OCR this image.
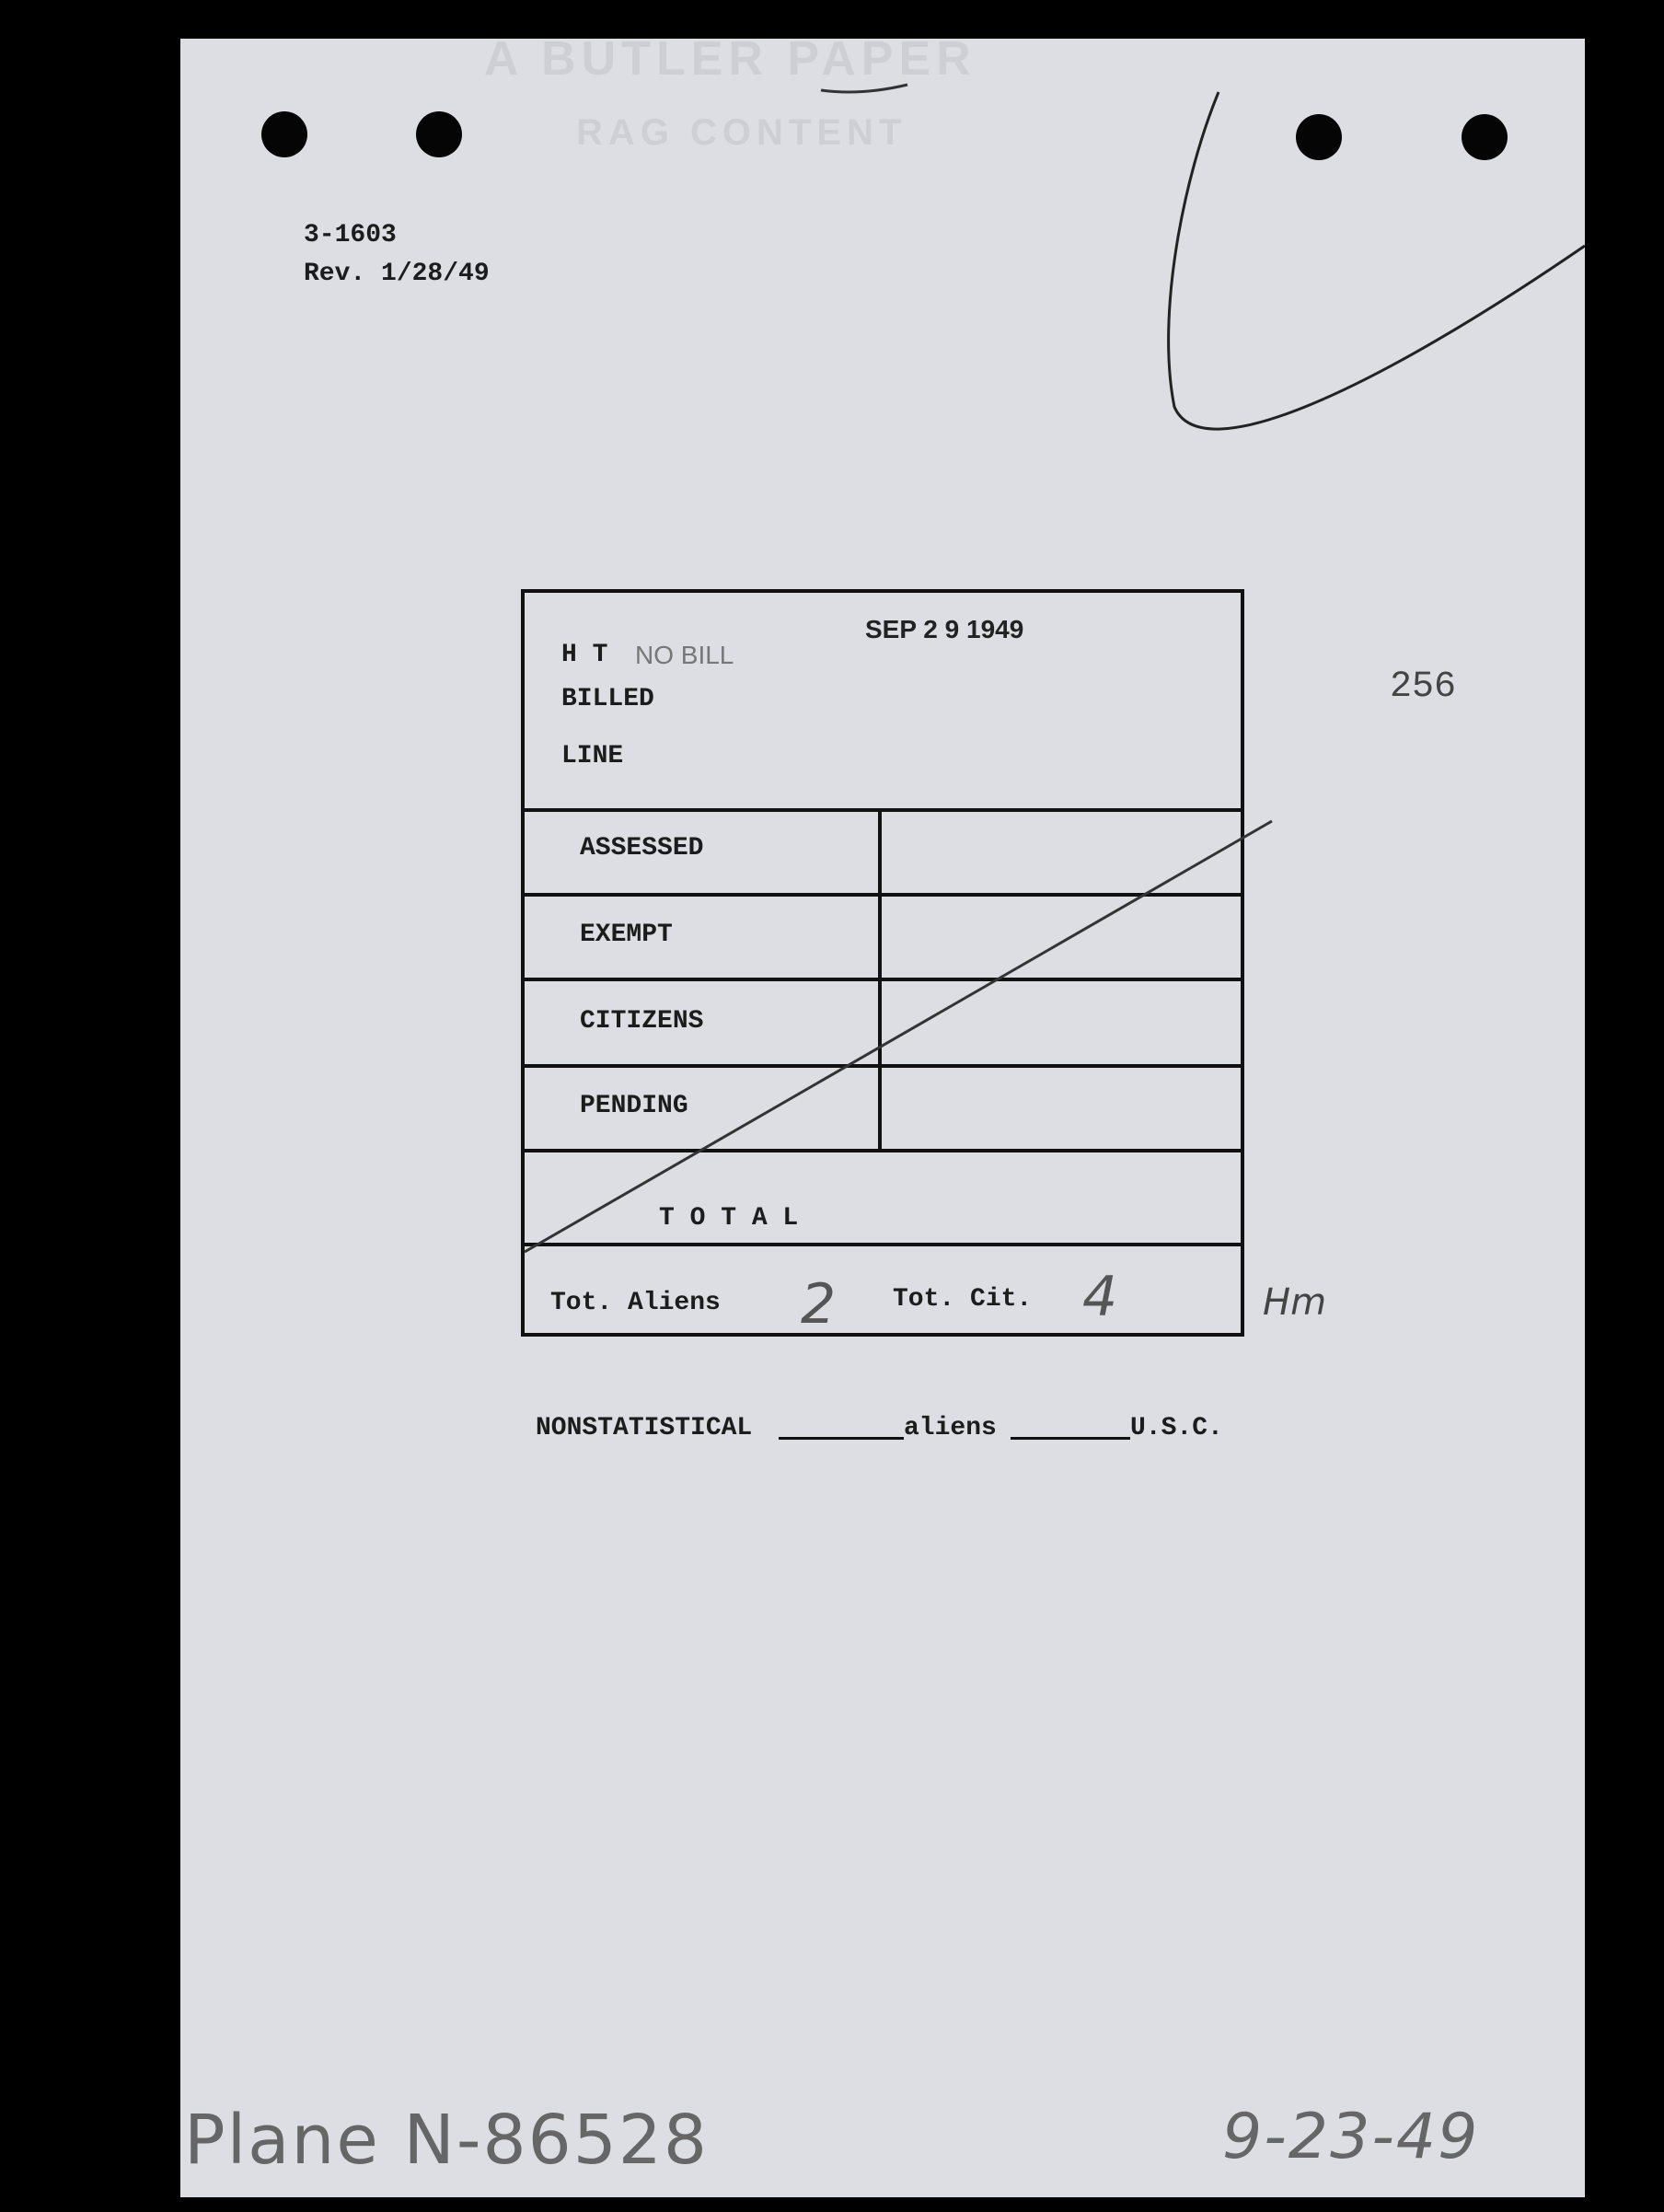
A BUTLER PAPER
RAG CONTENT
3-1603
Rev. 1/28/49
256
H T NO BILL
SEP 2 9 1949
BILLED
LINE
ASSESSED
EXEMPT
CITIZENS
PENDING
T O T A L
Tot. Aliens 2 Tot. Cit. 4	Hm
NONSTATISTICAL	aliens	U.S.C.
Plane N-86528	9-23-49
